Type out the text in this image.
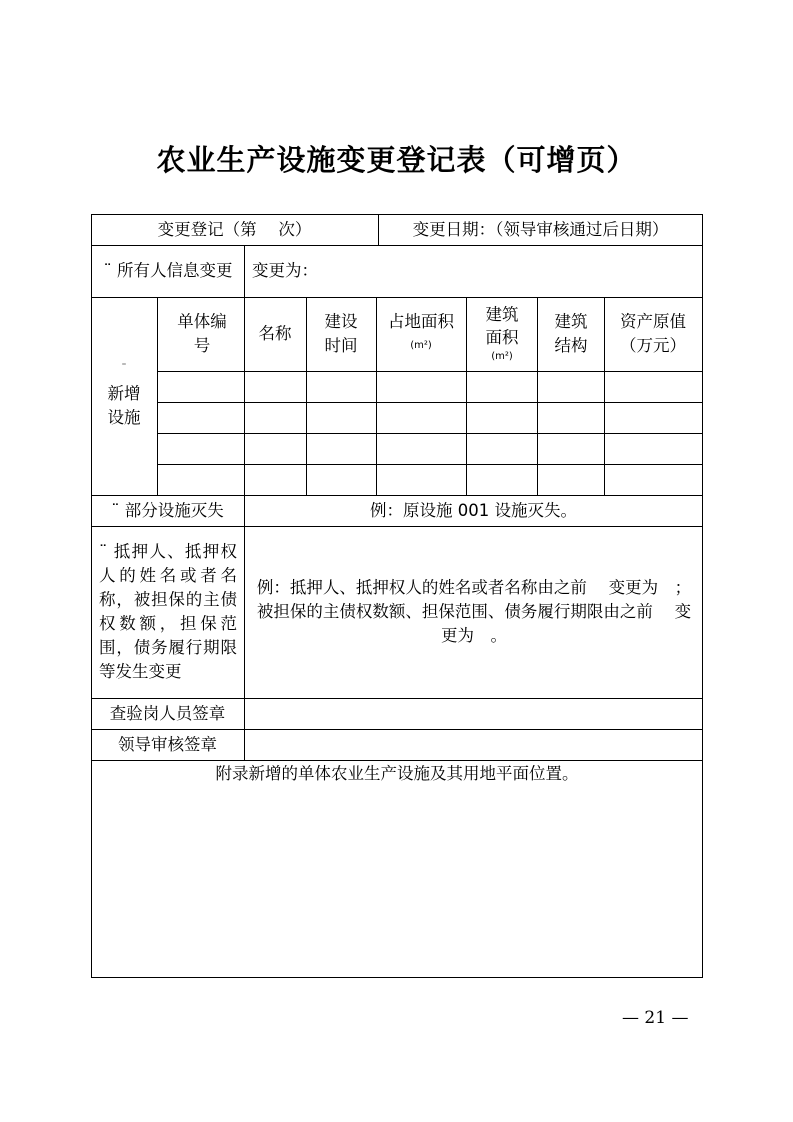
农业生产设施变更登记表（可增页）
变更登记（第　 次）	变更日期：（领导审核通过后日期）
¨ 所有人信息变更 变更为：
¨
新增设施
单体编号
名称
建设时间
占地面积
(m²)
建筑面积
(m²)
建筑结构
资产原值（万元）
¨ 部分设施灭失	例：原设施 001 设施灭失。
¨ 抵押人、抵押权人的姓名或者名称，被担保的主债权数额，担保范围，债务履行期限等发生变更
例：抵押人、抵押权人的姓名或者名称由之前　 变更为　；被担保的主债权数额、担保范围、债务履行期限由之前　 变更为　。
查验岗人员签章
领导审核签章
附录新增的单体农业生产设施及其用地平面位置。
— 21 —
